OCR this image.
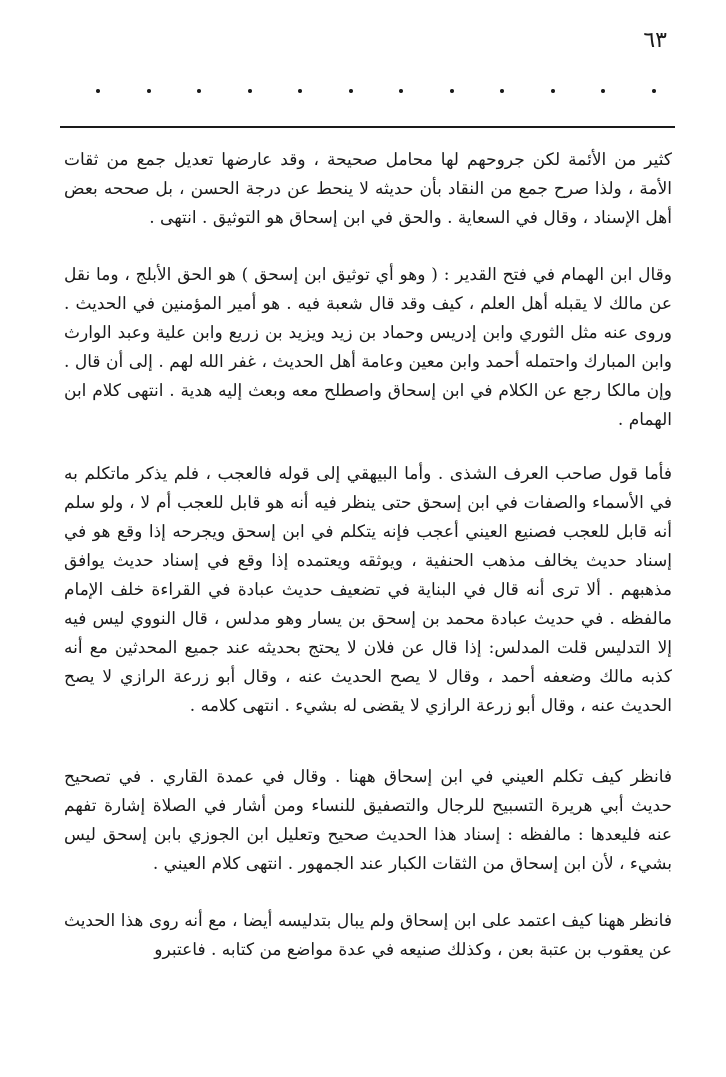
٦٣

كثير من الأئمة لكن جروحهم لها محامل صحيحة ، وقد عارضها تعديل جمع من ثقات الأمة ، ولذا صرح جمع من النقاد بأن حديثه لا ينحط عن درجة الحسن ، بل صححه بعض أهل الإسناد ، وقال في السعاية . والحق في ابن إسحاق هو التوثيق . انتهى .

وقال ابن الهمام في فتح القدير : ( وهو أي توثيق ابن إسحق ) هو الحق الأبلج ، وما نقل عن مالك لا يقبله أهل العلم ، كيف وقد قال شعبة فيه . هو أمير المؤمنين في الحديث . وروى عنه مثل الثوري وابن إدريس وحماد بن زيد ويزيد بن زريع وابن علية وعبد الوارث وابن المبارك واحتمله أحمد وابن معين وعامة أهل الحديث ، غفر الله لهم . إلى أن قال . وإن مالكا رجع عن الكلام في ابن إسحاق واصطلح معه وبعث إليه هدية . انتهى كلام ابن الهمام .

فأما قول صاحب العرف الشذى . وأما البيهقي إلى قوله فالعجب ، فلم يذكر ماتكلم به في الأسماء والصفات في ابن إسحق حتى ينظر فيه أنه هو قابل للعجب أم لا ، ولو سلم أنه قابل للعجب فصنيع العيني أعجب فإنه يتكلم في ابن إسحق ويجرحه إذا وقع هو في إسناد حديث يخالف مذهب الحنفية ، ويوثقه ويعتمده إذا وقع في إسناد حديث يوافق مذهبهم . ألا ترى أنه قال في البناية في تضعيف حديث عبادة في القراءة خلف الإمام مالفظه . في حديث عبادة محمد بن إسحق بن يسار وهو مدلس ، قال النووي ليس فيه إلا التدليس قلت المدلس: إذا قال عن فلان لا يحتج بحديثه عند جميع المحدثين مع أنه كذبه مالك وضعفه أحمد ، وقال لا يصح الحديث عنه ، وقال أبو زرعة الرازي لا يصح الحديث عنه ، وقال أبو زرعة الرازي لا يقضى له بشيء . انتهى كلامه .

فانظر كيف تكلم العيني في ابن إسحاق ههنا . وقال في عمدة القاري . في تصحيح حديث أبي هريرة التسبيح للرجال والتصفيق للنساء ومن أشار في الصلاة إشارة تفهم عنه فليعدها : مالفظه : إسناد هذا الحديث صحيح وتعليل ابن الجوزي بابن إسحق ليس بشيء ، لأن ابن إسحاق من الثقات الكبار عند الجمهور . انتهى كلام العيني .

فانظر ههنا كيف اعتمد على ابن إسحاق ولم يبال بتدليسه أيضا ، مع أنه روى هذا الحديث عن يعقوب بن عتبة بعن ، وكذلك صنيعه في عدة مواضع من كتابه . فاعتبرو
